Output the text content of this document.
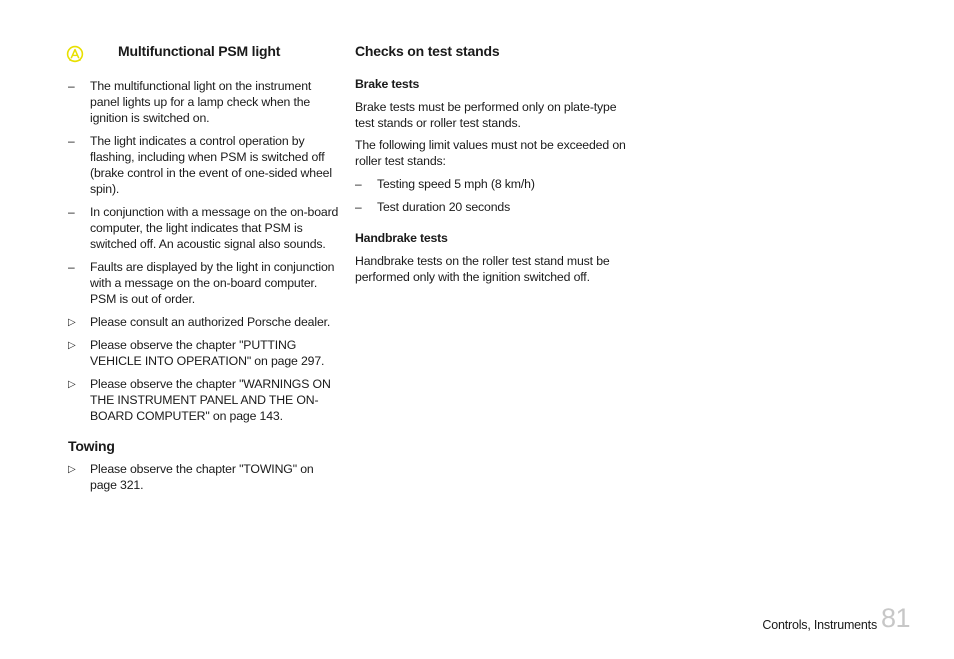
Multifunctional PSM light
–	The multifunctional light on the instrument panel lights up for a lamp check when the ignition is switched on.
–	The light indicates a control operation by flashing, including when PSM is switched off (brake control in the event of one-sided wheel spin).
–	In conjunction with a message on the on-board computer, the light indicates that PSM is switched off. An acoustic signal also sounds.
–	Faults are displayed by the light in conjunction with a message on the on-board computer. PSM is out of order.
▷	Please consult an authorized Porsche dealer.
▷	Please observe the chapter "PUTTING VEHICLE INTO OPERATION" on page 297.
▷	Please observe the chapter "WARNINGS ON THE INSTRUMENT PANEL AND THE ON-BOARD COMPUTER" on page 143.
Towing
▷	Please observe the chapter "TOWING" on page 321.
Checks on test stands
Brake tests

Brake tests must be performed only on plate-type test stands or roller test stands.

The following limit values must not be exceeded on roller test stands:

–	Testing speed 5 mph (8 km/h)
–	Test duration 20 seconds
Handbrake tests

Handbrake tests on the roller test stand must be performed only with the ignition switched off.

Controls, Instruments 81
